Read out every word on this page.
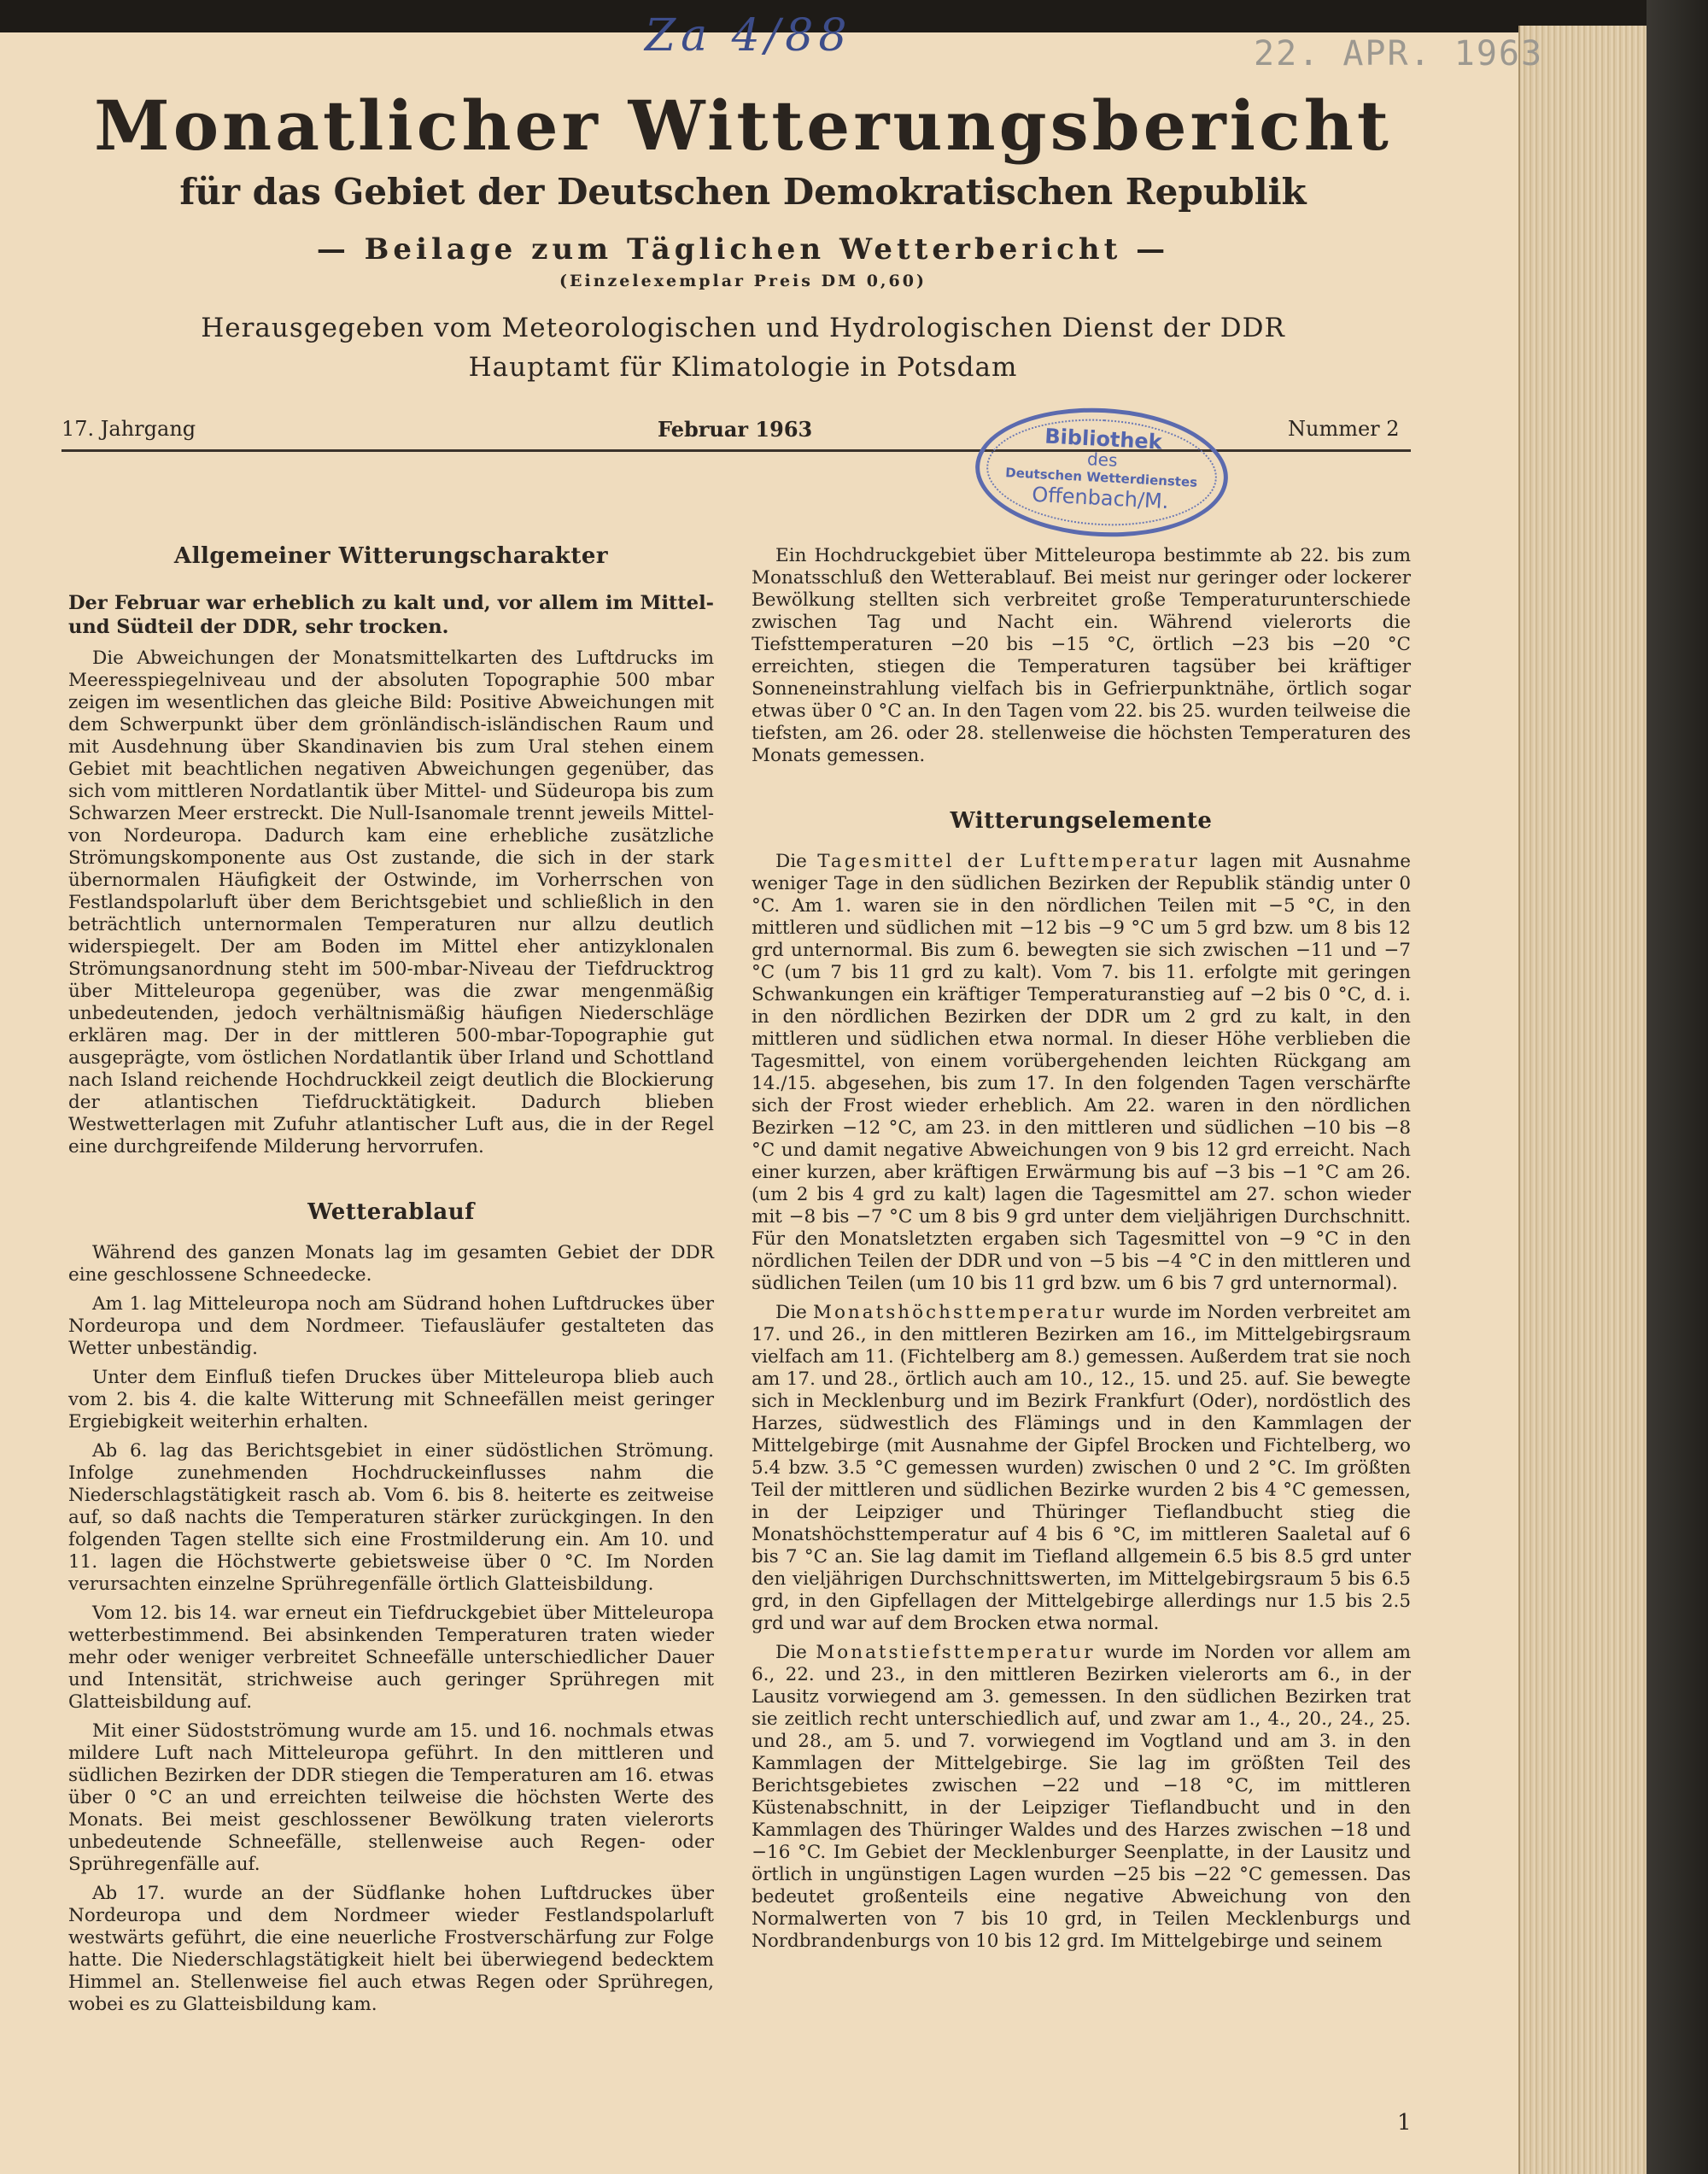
Za 4/88	22. APR. 1963
Monatlicher Witterungsbericht
für das Gebiet der Deutschen Demokratischen Republik
— Beilage zum Täglichen Wetterbericht —
(Einzelexemplar Preis DM 0,60)
Herausgegeben vom Meteorologischen und Hydrologischen Dienst der DDR
Hauptamt für Klimatologie in Potsdam
17. Jahrgang	Februar 1963	Nummer 2
Bibliothek
des
Deutschen Wetterdienstes
Offenbach/M.
Allgemeiner Witterungscharakter

Der Februar war erheblich zu kalt und, vor allem im Mittel- und Südteil der DDR, sehr trocken.

Die Abweichungen der Monatsmittelkarten des Luftdrucks im Meeresspiegelniveau und der absoluten Topographie 500 mbar zeigen im wesentlichen das gleiche Bild: Positive Abweichungen mit dem Schwerpunkt über dem grönländisch-isländischen Raum und mit Ausdehnung über Skandinavien bis zum Ural stehen einem Gebiet mit beachtlichen negativen Abweichungen gegenüber, das sich vom mittleren Nordatlantik über Mittel- und Südeuropa bis zum Schwarzen Meer erstreckt. Die Null-Isanomale trennt jeweils Mittel- von Nordeuropa. Dadurch kam eine erhebliche zusätzliche Strömungskomponente aus Ost zustande, die sich in der stark übernormalen Häufigkeit der Ostwinde, im Vorherrschen von Festlandspolarluft über dem Berichtsgebiet und schließlich in den beträchtlich unternormalen Temperaturen nur allzu deutlich widerspiegelt. Der am Boden im Mittel eher antizyklonalen Strömungsanordnung steht im 500-mbar-Niveau der Tiefdrucktrog über Mitteleuropa gegenüber, was die zwar mengenmäßig unbedeutenden, jedoch verhältnismäßig häufigen Niederschläge erklären mag. Der in der mittleren 500-mbar-Topographie gut ausgeprägte, vom östlichen Nordatlantik über Irland und Schottland nach Island reichende Hochdruckkeil zeigt deutlich die Blockierung der atlantischen Tiefdrucktätigkeit. Dadurch blieben Westwetterlagen mit Zufuhr atlantischer Luft aus, die in der Regel eine durchgreifende Milderung hervorrufen.

Wetterablauf

Während des ganzen Monats lag im gesamten Gebiet der DDR eine geschlossene Schneedecke.

Am 1. lag Mitteleuropa noch am Südrand hohen Luftdruckes über Nordeuropa und dem Nordmeer. Tiefausläufer gestalteten das Wetter unbeständig.

Unter dem Einfluß tiefen Druckes über Mitteleuropa blieb auch vom 2. bis 4. die kalte Witterung mit Schneefällen meist geringer Ergiebigkeit weiterhin erhalten.

Ab 6. lag das Berichtsgebiet in einer südöstlichen Strömung. Infolge zunehmenden Hochdruckeinflusses nahm die Niederschlagstätigkeit rasch ab. Vom 6. bis 8. heiterte es zeitweise auf, so daß nachts die Temperaturen stärker zurückgingen. In den folgenden Tagen stellte sich eine Frostmilderung ein. Am 10. und 11. lagen die Höchstwerte gebietsweise über 0 °C. Im Norden verursachten einzelne Sprühregenfälle örtlich Glatteisbildung.

Vom 12. bis 14. war erneut ein Tiefdruckgebiet über Mitteleuropa wetterbestimmend. Bei absinkenden Temperaturen traten wieder mehr oder weniger verbreitet Schneefälle unterschiedlicher Dauer und Intensität, strichweise auch geringer Sprühregen mit Glatteisbildung auf.

Mit einer Südostströmung wurde am 15. und 16. nochmals etwas mildere Luft nach Mitteleuropa geführt. In den mittleren und südlichen Bezirken der DDR stiegen die Temperaturen am 16. etwas über 0 °C an und erreichten teilweise die höchsten Werte des Monats. Bei meist geschlossener Bewölkung traten vielerorts unbedeutende Schneefälle, stellenweise auch Regen- oder Sprühregenfälle auf.

Ab 17. wurde an der Südflanke hohen Luftdruckes über Nordeuropa und dem Nordmeer wieder Festlandspolarluft westwärts geführt, die eine neuerliche Frostverschärfung zur Folge hatte. Die Niederschlagstätigkeit hielt bei überwiegend bedecktem Himmel an. Stellenweise fiel auch etwas Regen oder Sprühregen, wobei es zu Glatteisbildung kam.

Ein Hochdruckgebiet über Mitteleuropa bestimmte ab 22. bis zum Monatsschluß den Wetterablauf. Bei meist nur geringer oder lockerer Bewölkung stellten sich verbreitet große Temperaturunterschiede zwischen Tag und Nacht ein. Während vielerorts die Tiefsttemperaturen −20 bis −15 °C, örtlich −23 bis −20 °C erreichten, stiegen die Temperaturen tagsüber bei kräftiger Sonneneinstrahlung vielfach bis in Gefrierpunktnähe, örtlich sogar etwas über 0 °C an. In den Tagen vom 22. bis 25. wurden teilweise die tiefsten, am 26. oder 28. stellenweise die höchsten Temperaturen des Monats gemessen.

Witterungselemente

Die Tagesmittel der Lufttemperatur lagen mit Ausnahme weniger Tage in den südlichen Bezirken der Republik ständig unter 0 °C. Am 1. waren sie in den nördlichen Teilen mit −5 °C, in den mittleren und südlichen mit −12 bis −9 °C um 5 grd bzw. um 8 bis 12 grd unternormal. Bis zum 6. bewegten sie sich zwischen −11 und −7 °C (um 7 bis 11 grd zu kalt). Vom 7. bis 11. erfolgte mit geringen Schwankungen ein kräftiger Temperaturanstieg auf −2 bis 0 °C, d. i. in den nördlichen Bezirken der DDR um 2 grd zu kalt, in den mittleren und südlichen etwa normal. In dieser Höhe verblieben die Tagesmittel, von einem vorübergehenden leichten Rückgang am 14./15. abgesehen, bis zum 17. In den folgenden Tagen verschärfte sich der Frost wieder erheblich. Am 22. waren in den nördlichen Bezirken −12 °C, am 23. in den mittleren und südlichen −10 bis −8 °C und damit negative Abweichungen von 9 bis 12 grd erreicht. Nach einer kurzen, aber kräftigen Erwärmung bis auf −3 bis −1 °C am 26. (um 2 bis 4 grd zu kalt) lagen die Tagesmittel am 27. schon wieder mit −8 bis −7 °C um 8 bis 9 grd unter dem vieljährigen Durchschnitt. Für den Monatsletzten ergaben sich Tagesmittel von −9 °C in den nördlichen Teilen der DDR und von −5 bis −4 °C in den mittleren und südlichen Teilen (um 10 bis 11 grd bzw. um 6 bis 7 grd unternormal).

Die Monatshöchsttemperatur wurde im Norden verbreitet am 17. und 26., in den mittleren Bezirken am 16., im Mittelgebirgsraum vielfach am 11. (Fichtelberg am 8.) gemessen. Außerdem trat sie noch am 17. und 28., örtlich auch am 10., 12., 15. und 25. auf. Sie bewegte sich in Mecklenburg und im Bezirk Frankfurt (Oder), nordöstlich des Harzes, südwestlich des Flämings und in den Kammlagen der Mittelgebirge (mit Ausnahme der Gipfel Brocken und Fichtelberg, wo 5.4 bzw. 3.5 °C gemessen wurden) zwischen 0 und 2 °C. Im größten Teil der mittleren und südlichen Bezirke wurden 2 bis 4 °C gemessen, in der Leipziger und Thüringer Tieflandbucht stieg die Monatshöchsttemperatur auf 4 bis 6 °C, im mittleren Saaletal auf 6 bis 7 °C an. Sie lag damit im Tiefland allgemein 6.5 bis 8.5 grd unter den vieljährigen Durchschnittswerten, im Mittelgebirgsraum 5 bis 6.5 grd, in den Gipfellagen der Mittelgebirge allerdings nur 1.5 bis 2.5 grd und war auf dem Brocken etwa normal.

Die Monatstiefsttemperatur wurde im Norden vor allem am 6., 22. und 23., in den mittleren Bezirken vielerorts am 6., in der Lausitz vorwiegend am 3. gemessen. In den südlichen Bezirken trat sie zeitlich recht unterschiedlich auf, und zwar am 1., 4., 20., 24., 25. und 28., am 5. und 7. vorwiegend im Vogtland und am 3. in den Kammlagen der Mittelgebirge. Sie lag im größten Teil des Berichtsgebietes zwischen −22 und −18 °C, im mittleren Küstenabschnitt, in der Leipziger Tieflandbucht und in den Kammlagen des Thüringer Waldes und des Harzes zwischen −18 und −16 °C. Im Gebiet der Mecklenburger Seenplatte, in der Lausitz und örtlich in ungünstigen Lagen wurden −25 bis −22 °C gemessen. Das bedeutet großenteils eine negative Abweichung von den Normalwerten von 7 bis 10 grd, in Teilen Mecklenburgs und Nordbrandenburgs von 10 bis 12 grd. Im Mittelgebirge und seinem

1
